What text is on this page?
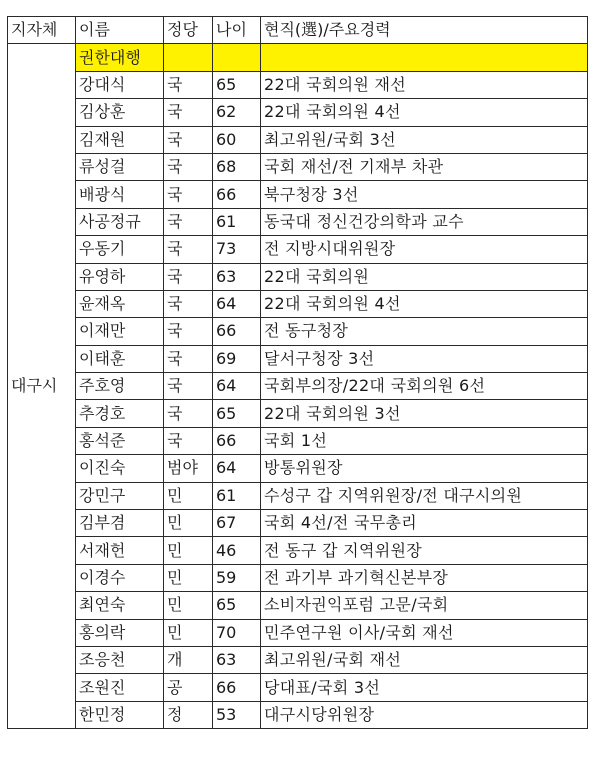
지자체	이름	정당	나이	현직(選)/주요경력
대구시	권한대행			
	강대식	국	65	22대 국회의원 재선
	김상훈	국	62	22대 국회의원 4선
	김재원	국	60	최고위원/국회 3선
	류성걸	국	68	국회 재선/전 기재부 차관
	배광식	국	66	북구청장 3선
	사공정규	국	61	동국대 정신건강의학과 교수
	우동기	국	73	전 지방시대위원장
	유영하	국	63	22대 국회의원
	윤재옥	국	64	22대 국회의원 4선
	이재만	국	66	전 동구청장
	이태훈	국	69	달서구청장 3선
	주호영	국	64	국회부의장/22대 국회의원 6선
	추경호	국	65	22대 국회의원 3선
	홍석준	국	66	국회 1선
	이진숙	범야	64	방통위원장
	강민구	민	61	수성구 갑 지역위원장/전 대구시의원
	김부겸	민	67	국회 4선/전 국무총리
	서재헌	민	46	전 동구 갑 지역위원장
	이경수	민	59	전 과기부 과기혁신본부장
	최연숙	민	65	소비자권익포럼 고문/국회
	홍의락	민	70	민주연구원 이사/국회 재선
	조응천	개	63	최고위원/국회 재선
	조원진	공	66	당대표/국회 3선
	한민정	정	53	대구시당위원장
